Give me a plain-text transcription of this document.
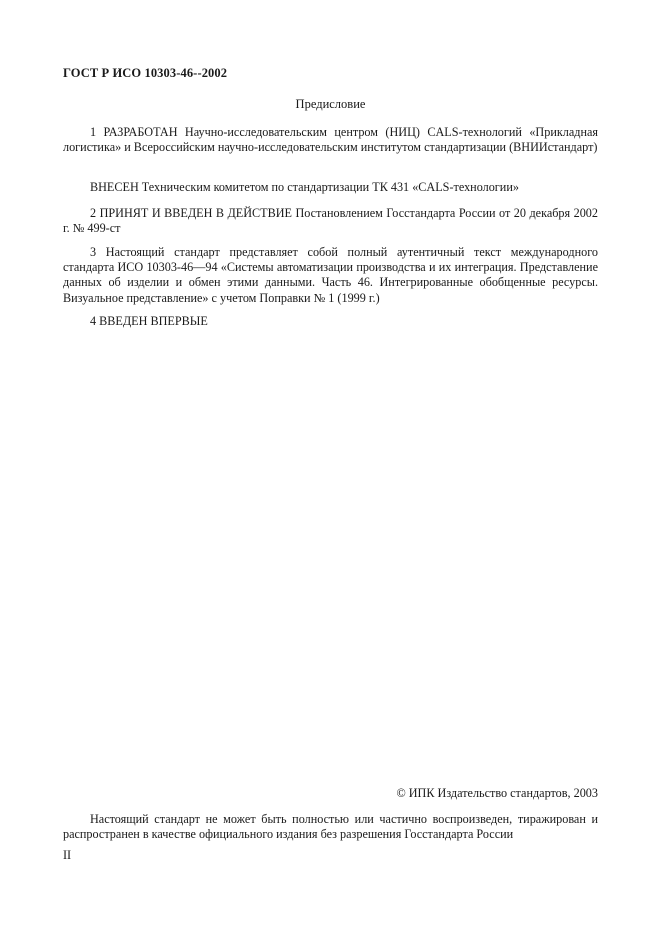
ГОСТ Р ИСО 10303-46--2002
Предисловие
1 РАЗРАБОТАН Научно-исследовательским центром (НИЦ) CALS-технологий «Прикладная логистика» и Всероссийским научно-исследовательским институтом стандартизации (ВНИИстандарт)
ВНЕСЕН Техническим комитетом по стандартизации ТК 431 «CALS-технологии»
2 ПРИНЯТ И ВВЕДЕН В ДЕЙСТВИЕ Постановлением Госстандарта России от 20 декабря 2002 г. № 499-ст
3 Настоящий стандарт представляет собой полный аутентичный текст международного стандарта ИСО 10303-46—94 «Системы автоматизации производства и их интеграция. Представление данных об изделии и обмен этими данными. Часть 46. Интегрированные обобщенные ресурсы. Визуальное представление» с учетом Поправки № 1 (1999 г.)
4 ВВЕДЕН ВПЕРВЫЕ
© ИПК Издательство стандартов, 2003
Настоящий стандарт не может быть полностью или частично воспроизведен, тиражирован и распространен в качестве официального издания без разрешения Госстандарта России
II
